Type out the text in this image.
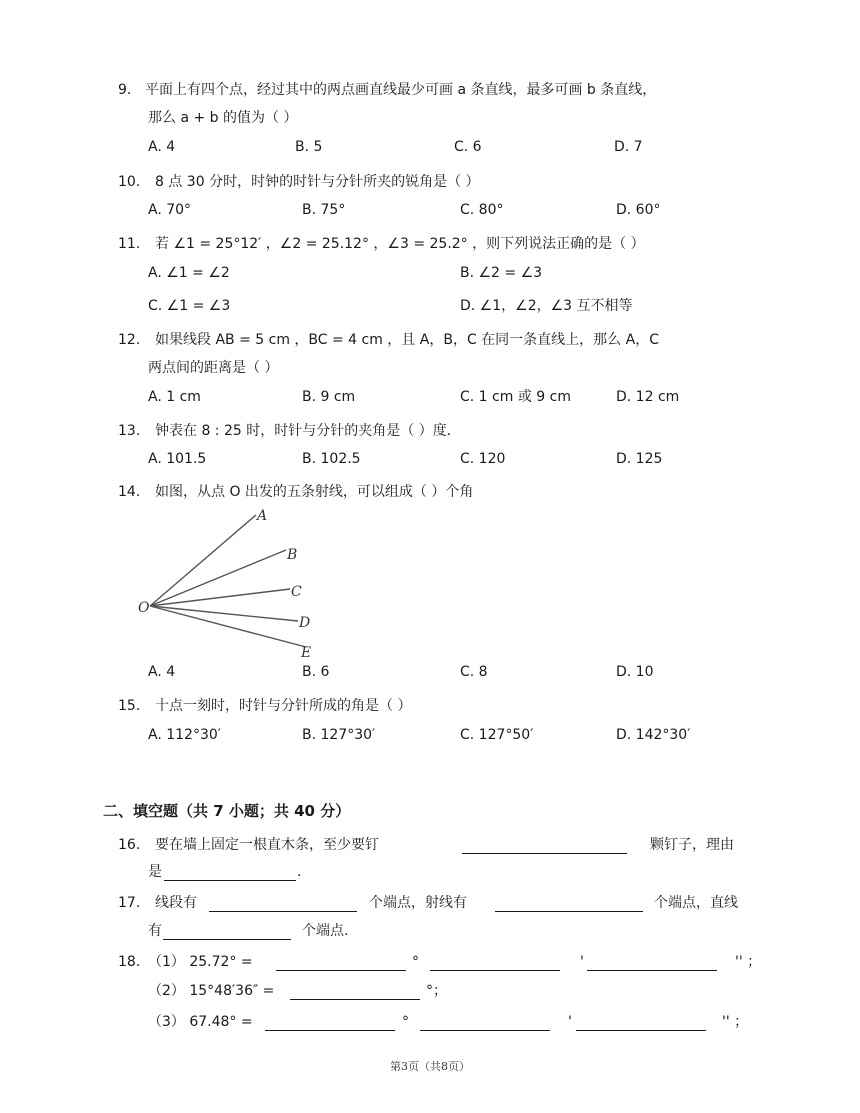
9. 平面上有四个点，经过其中的两点画直线最少可画 a 条直线，最多可画 b 条直线，
那么 a + b 的值为（ ）
A. 4	B. 5	C. 6	D. 7
10. 8 点 30 分时，时钟的时针与分针所夹的锐角是（ ）
A. 70°	B. 75°	C. 80°	D. 60°
11. 若 ∠1 = 25°12′ ，∠2 = 25.12° ，∠3 = 25.2° ，则下列说法正确的是（ ）
A. ∠1 = ∠2	B. ∠2 = ∠3
C. ∠1 = ∠3	D. ∠1，∠2，∠3 互不相等
12. 如果线段 AB = 5 cm ，BC = 4 cm ，且 A，B，C 在同一条直线上，那么 A，C
两点间的距离是（ ）
A. 1 cm	B. 9 cm	C. 1 cm 或 9 cm	D. 12 cm
13. 钟表在 8 : 25 时，时针与分针的夹角是（ ）度．
A. 101.5	B. 102.5	C. 120	D. 125
14. 如图，从点 O 出发的五条射线，可以组成（ ）个角
O
A
B
C
D
E
A. 4	B. 6	C. 8	D. 10
15. 十点一刻时，时针与分针所成的角是（ ）
A. 112°30′	B. 127°30′	C. 127°50′	D. 142°30′
二、填空题（共 7 小题；共 40 分）
16. 要在墙上固定一根直木条，至少要钉	颗钉子，理由
是	.
17. 线段有	个端点，射线有	个端点，直线
有	个端点.
18. （1） 25.72° =	°	'	'' ；
（2） 15°48′36″ =	°；
（3） 67.48° =	°	'	'' ；
第3页（共8页）
